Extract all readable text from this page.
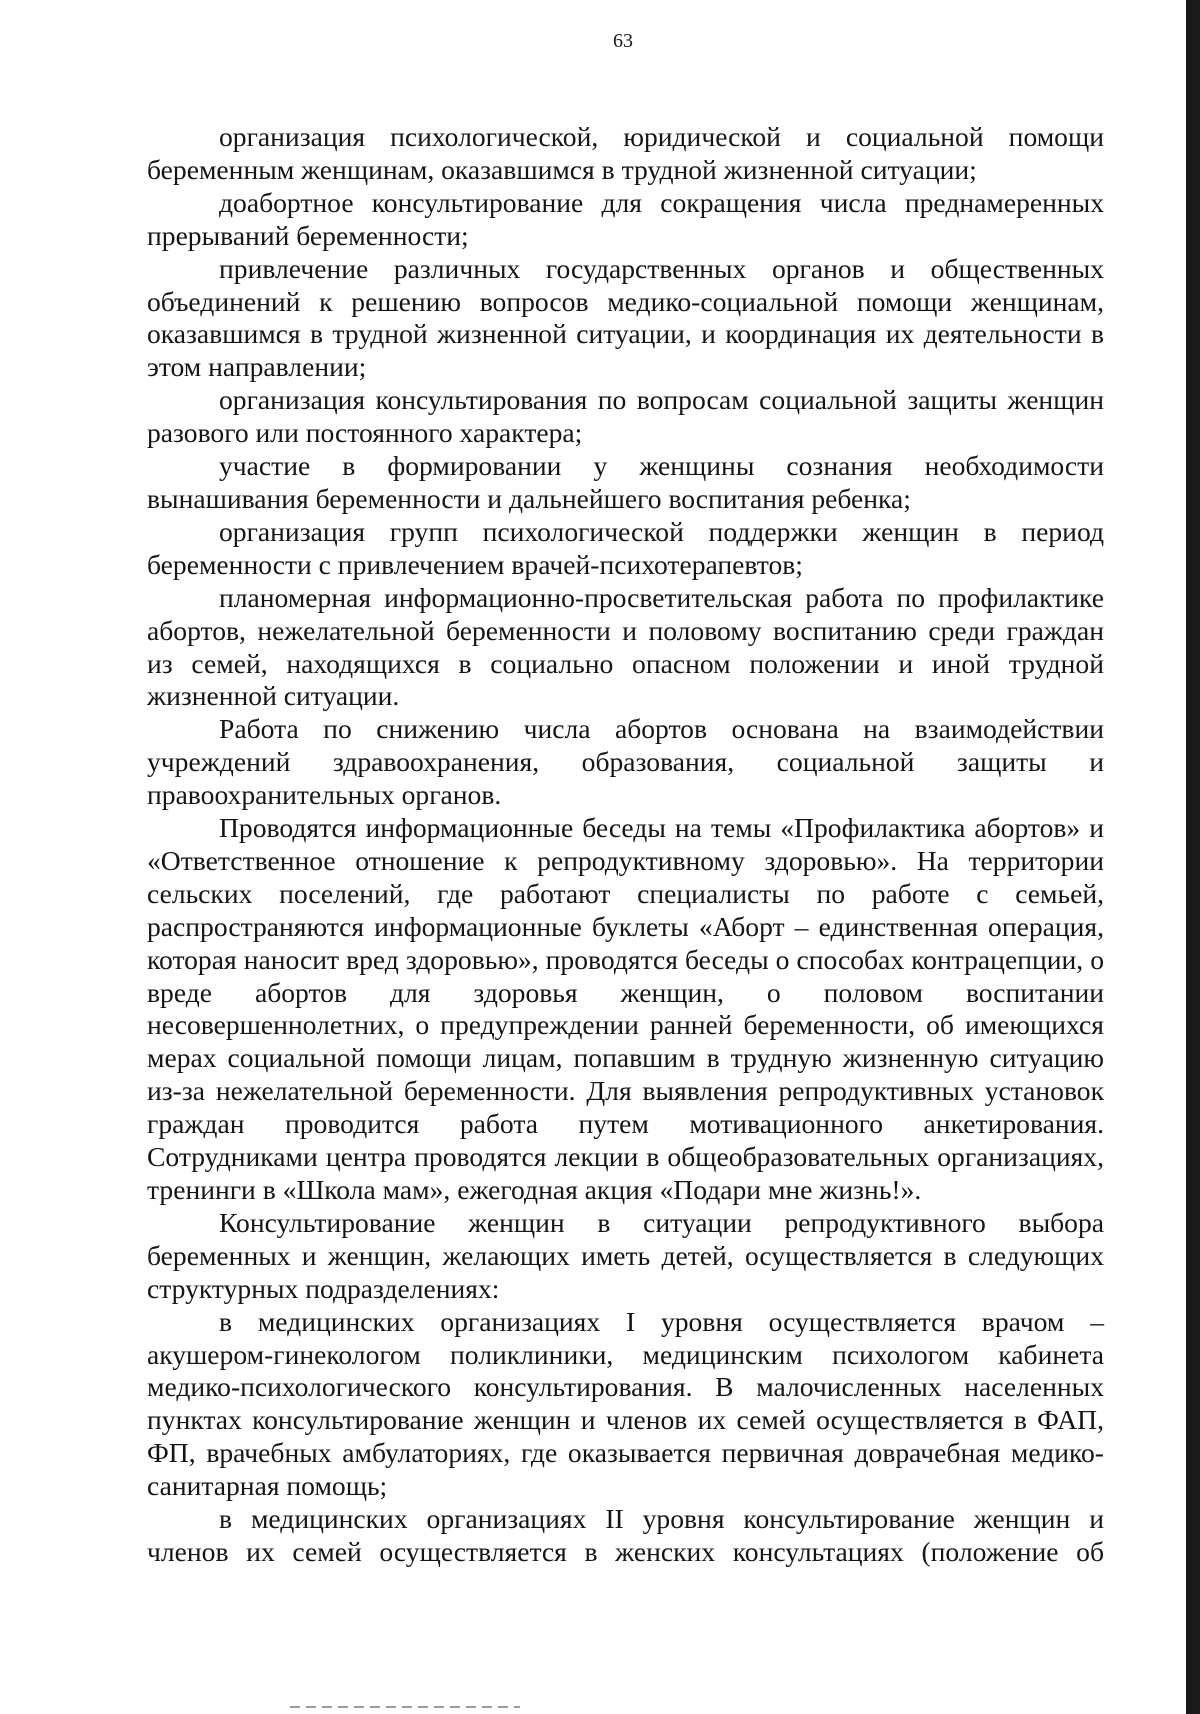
63

организация психологической, юридической и социальной помощи беременным женщинам, оказавшимся в трудной жизненной ситуации;

доабортное консультирование для сокращения числа преднамеренных прерываний беременности;

привлечение различных государственных органов и общественных объединений к решению вопросов медико-социальной помощи женщинам, оказавшимся в трудной жизненной ситуации, и координация их деятельности в этом направлении;

организация консультирования по вопросам социальной защиты женщин разового или постоянного характера;

участие в формировании у женщины сознания необходимости вынашивания беременности и дальнейшего воспитания ребенка;

организация групп психологической поддержки женщин в период беременности с привлечением врачей-психотерапевтов;

планомерная информационно-просветительская работа по профилактике абортов, нежелательной беременности и половому воспитанию среди граждан из семей, находящихся в социально опасном положении и иной трудной жизненной ситуации.

Работа по снижению числа абортов основана на взаимодействии учреждений здравоохранения, образования, социальной защиты и правоохранительных органов.

Проводятся информационные беседы на темы «Профилактика абортов» и «Ответственное отношение к репродуктивному здоровью». На территории сельских поселений, где работают специалисты по работе с семьей, распространяются информационные буклеты «Аборт – единственная операция, которая наносит вред здоровью», проводятся беседы о способах контрацепции, о вреде абортов для здоровья женщин, о половом воспитании несовершеннолетних, о предупреждении ранней беременности, об имеющихся мерах социальной помощи лицам, попавшим в трудную жизненную ситуацию из-за нежелательной беременности. Для выявления репродуктивных установок граждан проводится работа путем мотивационного анкетирования. Сотрудниками центра проводятся лекции в общеобразовательных организациях, тренинги в «Школа мам», ежегодная акция «Подари мне жизнь!».

Консультирование женщин в ситуации репродуктивного выбора беременных и женщин, желающих иметь детей, осуществляется в следующих структурных подразделениях:

в медицинских организациях I уровня осуществляется врачом – акушером-гинекологом поликлиники, медицинским психологом кабинета медико-психологического консультирования. В малочисленных населенных пунктах консультирование женщин и членов их семей осуществляется в ФАП, ФП, врачебных амбулаториях, где оказывается первичная доврачебная медико-санитарная помощь;

в медицинских организациях II уровня консультирование женщин и членов их семей осуществляется в женских консультациях (положение об
